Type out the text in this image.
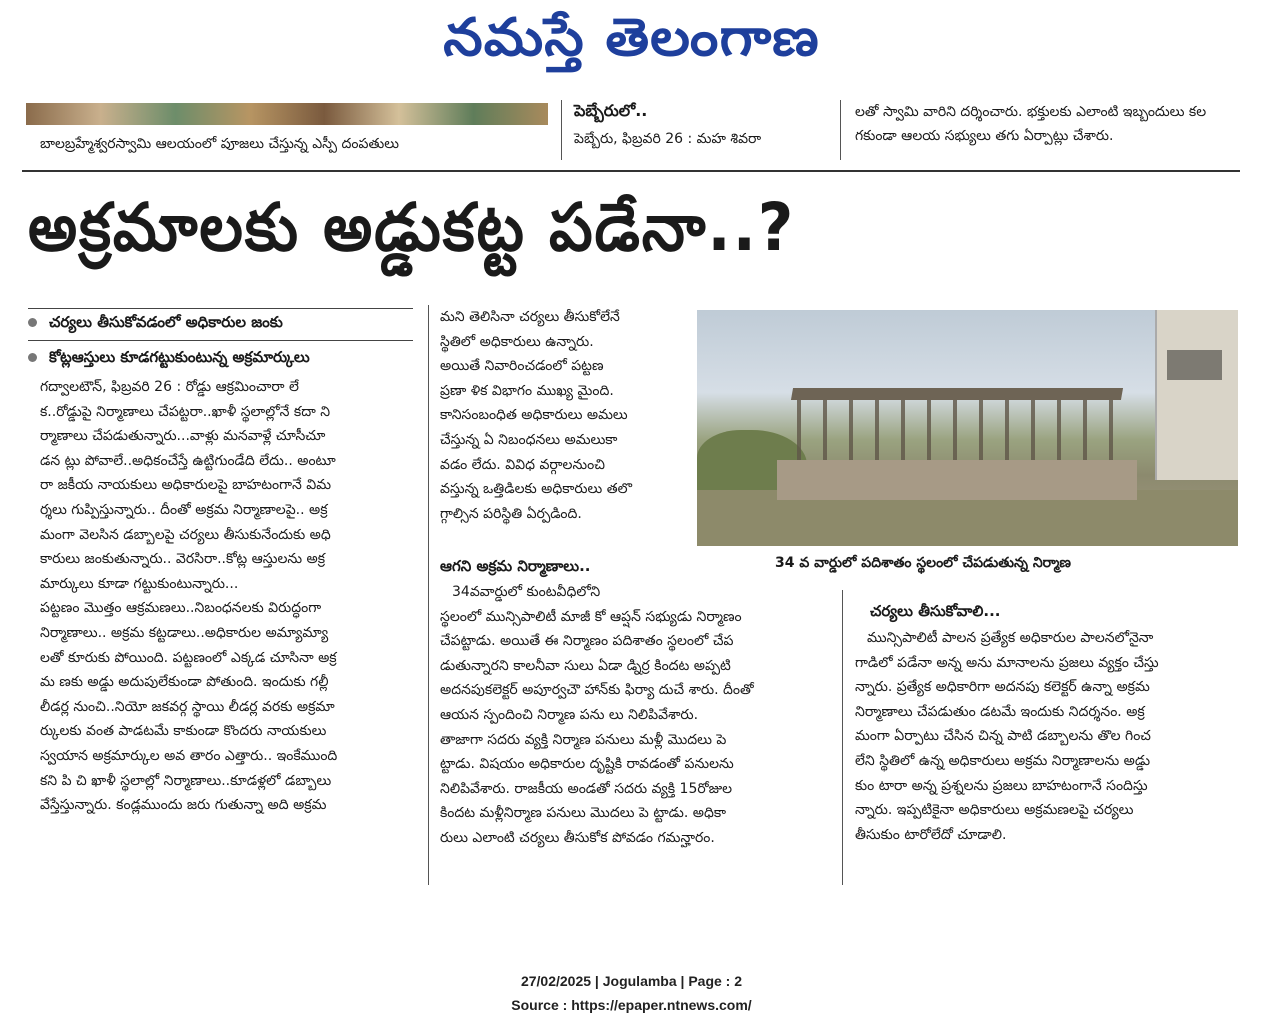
నమస్తే తెలంగాణ
బాలబ్రహ్మేశ్వరస్వామి ఆలయంలో పూజలు చేస్తున్న ఎస్పీ దంపతులు
పెబ్బేరులో..
పెబ్బేరు, ఫిబ్రవరి 26 : మహ శివరా

లతో స్వామి వారిని దర్శించారు. భక్తులకు ఎలాంటి ఇబ్బందులు కల

గకుండా ఆలయ సభ్యులు తగు ఏర్పాట్లు చేశారు.

అక్రమాలకు అడ్డుకట్ట పడేనా..?
చర్యలు తీసుకోవడంలో అధికారుల జంకు
కోట్లఆస్తులు కూడగట్టుకుంటున్న అక్రమార్కులు

గద్వాలటౌన్, ఫిబ్రవరి 26 : రోడ్డు ఆక్రమించారా లే

క..రోడ్డుపై నిర్మాణాలు చేపట్టరా..ఖాళీ స్థలాల్లోనే కదా ని

ర్మాణాలు చేపడుతున్నారు...వాళ్లు మనవాళ్లే చూసీచూ

డన ట్లు పోవాలే..అధికంచేస్తే ఉట్టిగుండేది లేదు.. అంటూ

రా జకీయ నాయకులు అధికారులపై బాహటంగానే విమ

ర్శలు గుప్పిస్తున్నారు.. దీంతో అక్రమ నిర్మాణాలపై.. అక్ర

మంగా వెలసిన డబ్బాలపై చర్యలు తీసుకునేందుకు అధి

కారులు జంకుతున్నారు.. వెరసిరా..కోట్ల ఆస్తులను అక్ర

మార్కులు కూడా గట్టుకుంటున్నారు...

పట్టణం మొత్తం ఆక్రమణలు..నిబంధనలకు విరుద్ధంగా

నిర్మాణాలు.. అక్రమ కట్టడాలు..అధికారుల అమ్యామ్యా

లతో కూరుకు పోయింది. పట్టణంలో ఎక్కడ చూసినా అక్ర

మ ణకు అడ్డు అదుపులేకుండా పోతుంది. ఇందుకు గల్లీ

లీడర్ల నుంచి..నియో జకవర్గ స్థాయి లీడర్ల వరకు అక్రమా

ర్కులకు వంత పాడటమే కాకుండా కొందరు నాయకులు

స్వయాన అక్రమార్కుల అవ తారం ఎత్తారు.. ఇంకేముంది

కని పి చి ఖాళీ స్థలాల్లో నిర్మాణాలు..కూడళ్లలో డబ్బాలు

వేస్తేస్తున్నారు. కండ్లముందు జరు గుతున్నా అది అక్రమ

మని తెలిసినా చర్యలు తీసుకోలేనే

స్థితిలో అధికారులు ఉన్నారు.

అయితే నివారించడంలో పట్టణ

ప్రణా ళిక విభాగం ముఖ్య మైంది.

కానిసంబంధిత అధికారులు అమలు

చేస్తున్న ఏ నిబంధనలు అమలుకా

వడం లేదు. వివిధ వర్గాలనుంచి

వస్తున్న ఒత్తిడిలకు అధికారులు తలొ

గ్గాల్సిన పరిస్థితి ఏర్పడింది.

ఆగని అక్రమ నిర్మాణాలు..

34వవార్డులో కుంటవీధిలోని

స్థలంలో మున్సిపాలిటీ మాజీ కో ఆప్షన్ సభ్యుడు నిర్మాణం

చేపట్టాడు. అయితే ఈ నిర్మాణం పదిశాతం స్థలంలో చేప

డుతున్నారని కాలనీవా సులు ఏడా డ్నిర్ర కిందట అప్పటి

అదనపుకలెక్టర్ అపూర్వచౌ హాన్‌కు ఫిర్యా దుచే శారు. దీంతో

ఆయన స్పందించి నిర్మాణ పను లు నిలిపివేశారు.

తాజాగా సదరు వ్యక్తి నిర్మాణ పనులు మళ్లీ మొదలు పె

ట్టాడు. విషయం అధికారుల దృష్టికి రావడంతో పనులను

నిలిపివేశారు. రాజకీయ అండతో సదరు వ్యక్తి 15రోజుల

కిందట మళ్లీనిర్మాణ పనులు మొదలు పె ట్టాడు. అధికా

రులు ఎలాంటి చర్యలు తీసుకోక పోవడం గమన్హారం.

34 వ వార్డులో పదిశాతం స్థలంలో చేపడుతున్న నిర్మాణ
చర్యలు తీసుకోవాలి...

మున్సిపాలిటీ పాలన ప్రత్యేక అధికారుల పాలనలోనైనా

గాడిలో పడేనా అన్న అను మానాలను ప్రజలు వ్యక్తం చేస్తు

న్నారు. ప్రత్యేక అధికారిగా అదనపు కలెక్టర్ ఉన్నా అక్రమ

నిర్మాణాలు చేపడుతుం డటమే ఇందుకు నిదర్శనం. అక్ర

మంగా ఏర్పాటు చేసిన చిన్న పాటి డబ్బాలను తొల గించ

లేని స్థితిలో ఉన్న అధికారులు అక్రమ నిర్మాణాలను అడ్డు

కుం టారా అన్న ప్రశ్నలను ప్రజలు బాహటంగానే సందిస్తు

న్నారు. ఇప్పటికైనా అధికారులు అక్రమణలపై చర్యలు

తీసుకుం టారోలేదో చూడాలి.

27/02/2025 | Jogulamba | Page : 2
Source : https://epaper.ntnews.com/
